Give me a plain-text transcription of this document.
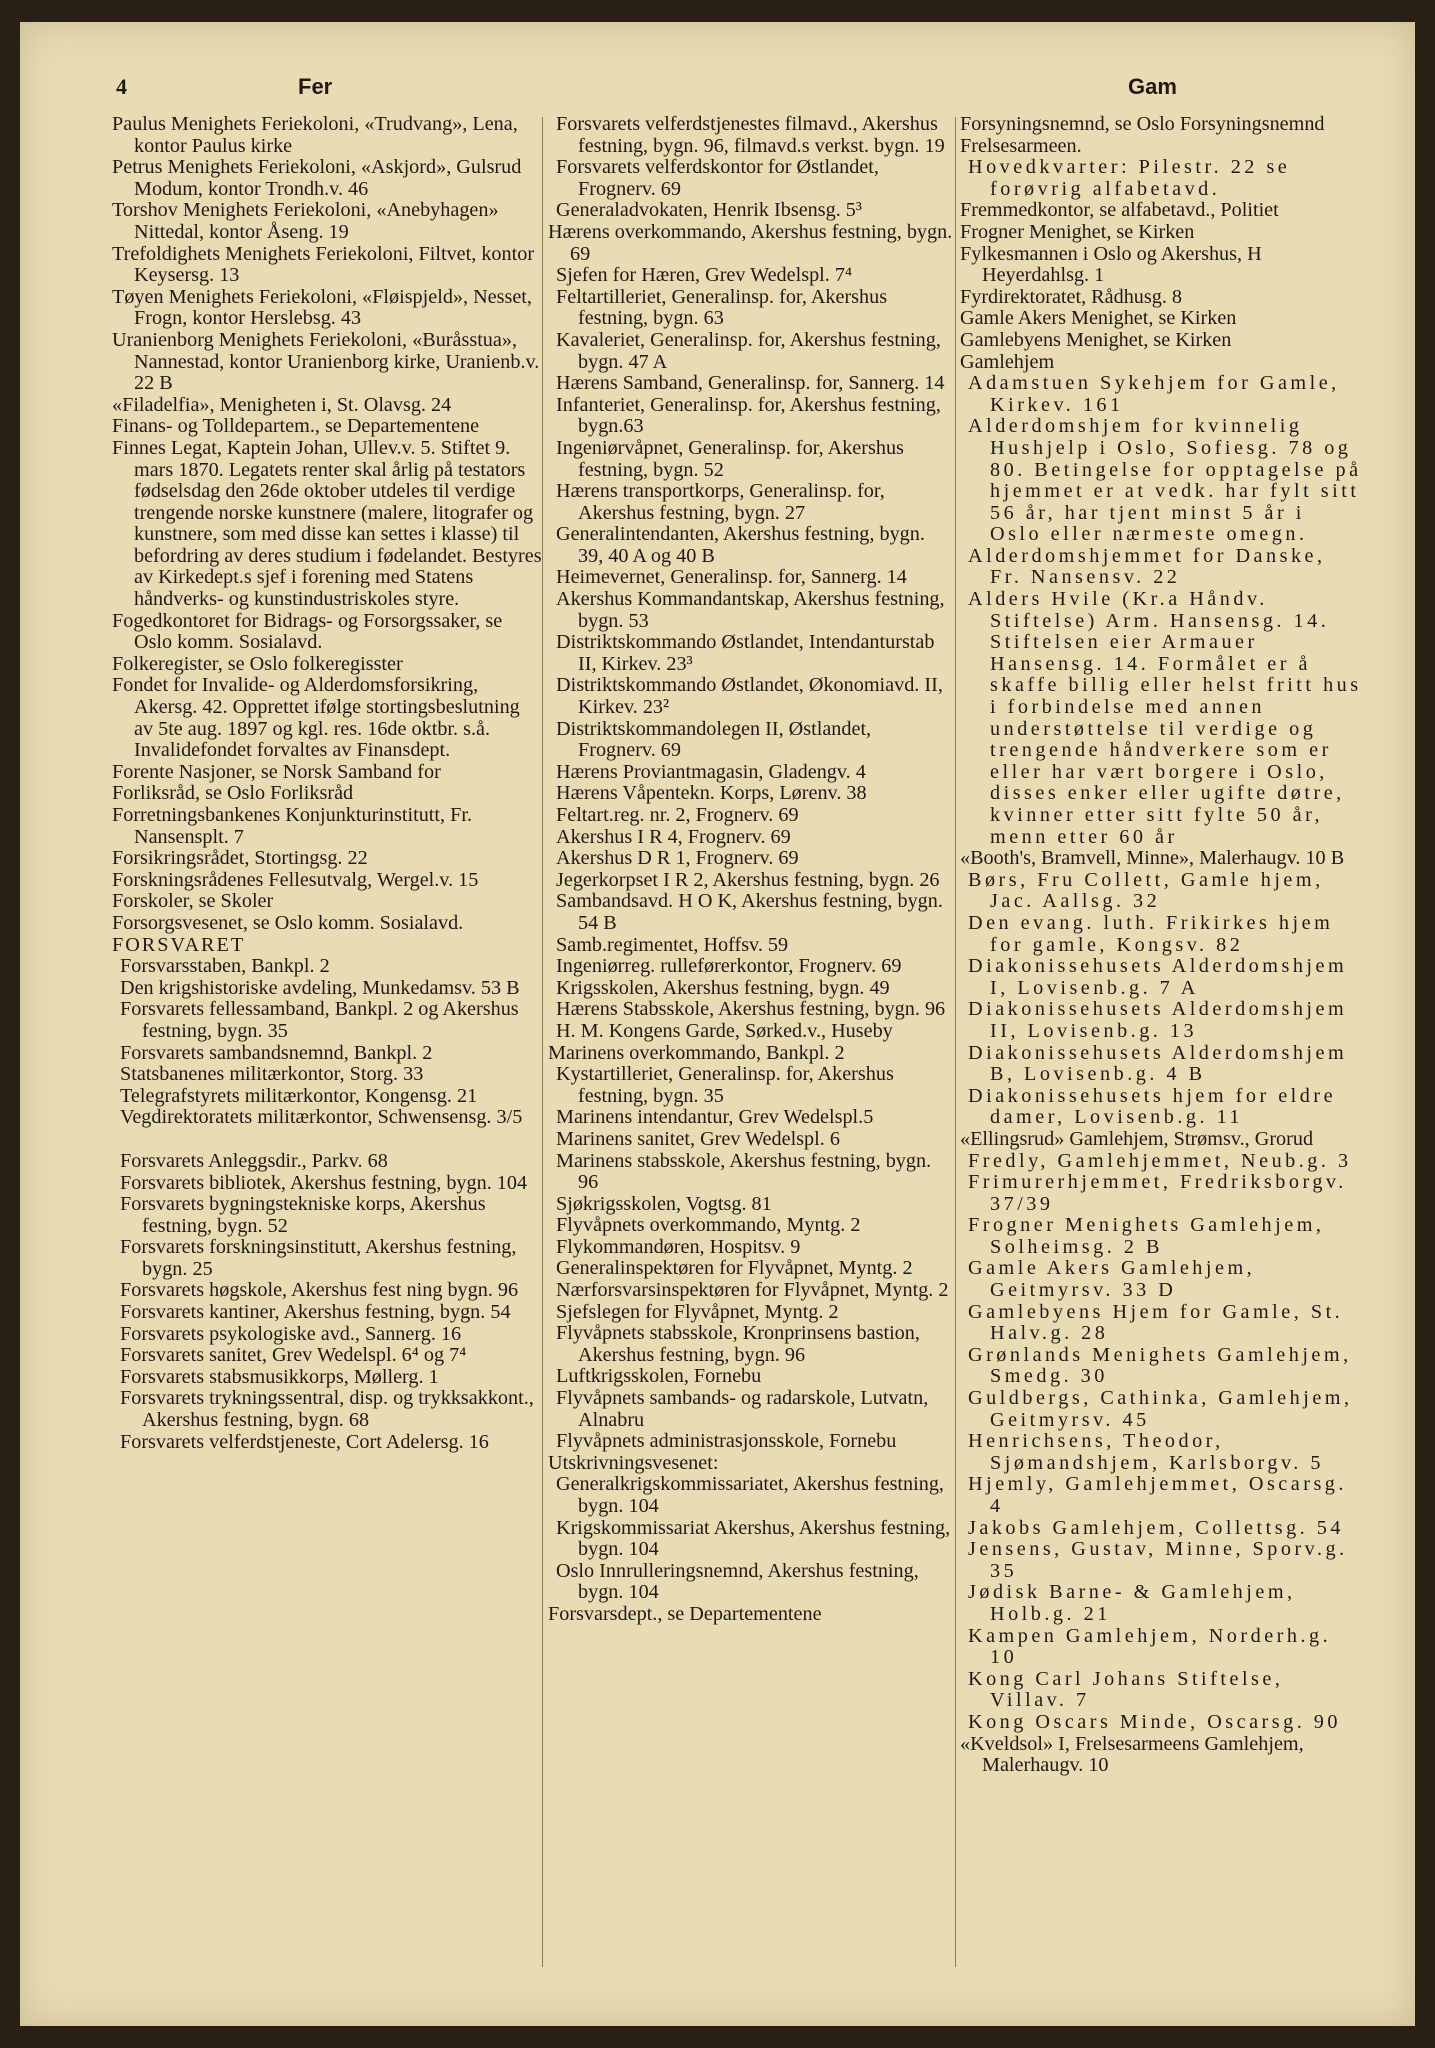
4	Fer	Gam

Paulus Menighets Feriekoloni, «Trudvang», Lena, kontor Paulus kirke

Petrus Menighets Feriekoloni, «Askjord», Gulsrud Modum, kontor Trondh.v. 46

Torshov Menighets Feriekoloni, «Anebyhagen» Nittedal, kontor Åseng. 19

Trefoldighets Menighets Feriekoloni, Filtvet, kontor Keysersg. 13

Tøyen Menighets Feriekoloni, «Fløispjeld», Nesset, Frogn, kontor Herslebsg. 43

Uranienborg Menighets Feriekoloni, «Buråsstua», Nannestad, kontor Uranienborg kirke, Uranienb.v. 22 B

«Filadelfia», Menigheten i, St. Olavsg. 24

Finans- og Tolldepartem., se Departementene

Finnes Legat, Kaptein Johan, Ullev.v. 5. Stiftet 9. mars 1870. Legatets renter skal årlig på testators fødselsdag den 26de oktober utdeles til verdige trengende norske kunstnere (malere, litografer og kunstnere, som med disse kan settes i klasse) til befordring av deres studium i fødelandet. Bestyres av Kirkedept.s sjef i forening med Statens håndverks- og kunstindustriskoles styre.

Fogedkontoret for Bidrags- og Forsorgssaker, se Oslo komm. Sosialavd.

Folkeregister, se Oslo folkeregisster

Fondet for Invalide- og Alderdomsforsikring, Akersg. 42. Opprettet ifølge stortingsbeslutning av 5te aug. 1897 og kgl. res. 16de oktbr. s.å. Invalidefondet forvaltes av Finansdept.

Forente Nasjoner, se Norsk Samband for

Forliksråd, se Oslo Forliksråd

Forretningsbankenes Konjunkturinstitutt, Fr. Nansensplt. 7

Forsikringsrådet, Stortingsg. 22

Forskningsrådenes Fellesutvalg, Wergel.v. 15

Forskoler, se Skoler

Forsorgsvesenet, se Oslo komm. Sosialavd.

FORSVARET

Forsvarsstaben, Bankpl. 2

Den krigshistoriske avdeling, Munkedamsv. 53 B

Forsvarets fellessamband, Bankpl. 2 og Akershus festning, bygn. 35

Forsvarets sambandsnemnd, Bankpl. 2

Statsbanenes militærkontor, Storg. 33

Telegrafstyrets militærkontor, Kongensg. 21

Vegdirektoratets militærkontor, Schwensensg. 3/5

Forsvarets Anleggsdir., Parkv. 68

Forsvarets bibliotek, Akershus festning, bygn. 104

Forsvarets bygningstekniske korps, Akershus festning, bygn. 52

Forsvarets forskningsinstitutt, Akershus festning, bygn. 25

Forsvarets høgskole, Akershus fest ning bygn. 96

Forsvarets kantiner, Akershus festning, bygn. 54

Forsvarets psykologiske avd., Sannerg. 16

Forsvarets sanitet, Grev Wedelspl. 6⁴ og 7⁴

Forsvarets stabsmusikkorps, Møllerg. 1

Forsvarets trykningssentral, disp. og trykksakkont., Akershus festning, bygn. 68

Forsvarets velferdstjeneste, Cort Adelersg. 16

Forsvarets velferdstjenestes filmavd., Akershus festning, bygn. 96, filmavd.s verkst. bygn. 19

Forsvarets velferdskontor for Østlandet, Frognerv. 69

Generaladvokaten, Henrik Ibsensg. 5³

Hærens overkommando, Akershus festning, bygn. 69

Sjefen for Hæren, Grev Wedelspl. 7⁴

Feltartilleriet, Generalinsp. for, Akershus festning, bygn. 63

Kavaleriet, Generalinsp. for, Akershus festning, bygn. 47 A

Hærens Samband, Generalinsp. for, Sannerg. 14

Infanteriet, Generalinsp. for, Akershus festning, bygn.63

Ingeniørvåpnet, Generalinsp. for, Akershus festning, bygn. 52

Hærens transportkorps, Generalinsp. for, Akershus festning, bygn. 27

Generalintendanten, Akershus festning, bygn. 39, 40 A og 40 B

Heimevernet, Generalinsp. for, Sannerg. 14

Akershus Kommandantskap, Akershus festning, bygn. 53

Distriktskommando Østlandet, Intendanturstab II, Kirkev. 23³

Distriktskommando Østlandet, Økonomiavd. II, Kirkev. 23²

Distriktskommandolegen II, Østlandet, Frognerv. 69

Hærens Proviantmagasin, Gladengv. 4

Hærens Våpentekn. Korps, Lørenv. 38

Feltart.reg. nr. 2, Frognerv. 69

Akershus I R 4, Frognerv. 69

Akershus D R 1, Frognerv. 69

Jegerkorpset I R 2, Akershus festning, bygn. 26

Sambandsavd. H O K, Akershus festning, bygn. 54 B

Samb.regimentet, Hoffsv. 59

Ingeniørreg. rulleførerkontor, Frognerv. 69

Krigsskolen, Akershus festning, bygn. 49

Hærens Stabsskole, Akershus festning, bygn. 96

H. M. Kongens Garde, Sørked.v., Huseby

Marinens overkommando, Bankpl. 2

Kystartilleriet, Generalinsp. for, Akershus festning, bygn. 35

Marinens intendantur, Grev Wedelspl.5

Marinens sanitet, Grev Wedelspl. 6

Marinens stabsskole, Akershus festning, bygn. 96

Sjøkrigsskolen, Vogtsg. 81

Flyvåpnets overkommando, Myntg. 2

Flykommandøren, Hospitsv. 9

Generalinspektøren for Flyvåpnet, Myntg. 2

Nærforsvarsinspektøren for Flyvåpnet, Myntg. 2

Sjefslegen for Flyvåpnet, Myntg. 2

Flyvåpnets stabsskole, Kronprinsens bastion, Akershus festning, bygn. 96

Luftkrigsskolen, Fornebu

Flyvåpnets sambands- og radarskole, Lutvatn, Alnabru

Flyvåpnets administrasjonsskole, Fornebu

Utskrivningsvesenet:

Generalkrigskommissariatet, Akershus festning, bygn. 104

Krigskommissariat Akershus, Akershus festning, bygn. 104

Oslo Innrulleringsnemnd, Akershus festning, bygn. 104

Forsvarsdept., se Departementene

Forsyningsnemnd, se Oslo Forsyningsnemnd

Frelsesarmeen.

Hovedkvarter: Pilestr. 22 se forøvrig alfabetavd.

Fremmedkontor, se alfabetavd., Politiet

Frogner Menighet, se Kirken

Fylkesmannen i Oslo og Akershus, H Heyerdahlsg. 1

Fyrdirektoratet, Rådhusg. 8

Gamle Akers Menighet, se Kirken

Gamlebyens Menighet, se Kirken

Gamlehjem

Adamstuen Sykehjem for Gamle, Kirkev. 161

Alderdomshjem for kvinnelig Hushjelp i Oslo, Sofiesg. 78 og 80. Betingelse for opptagelse på hjemmet er at vedk. har fylt sitt 56 år, har tjent minst 5 år i Oslo eller nærmeste omegn.

Alderdomshjemmet for Danske, Fr. Nansensv. 22

Alders Hvile (Kr.a Håndv. Stiftelse) Arm. Hansensg. 14. Stiftelsen eier Armauer Hansensg. 14. Formålet er å skaffe billig eller helst fritt hus i forbindelse med annen understøttelse til verdige og trengende håndverkere som er eller har vært borgere i Oslo, disses enker eller ugifte døtre, kvinner etter sitt fylte 50 år, menn etter 60 år

«Booth's, Bramvell, Minne», Malerhaugv. 10 B

Børs, Fru Collett, Gamle hjem, Jac. Aallsg. 32

Den evang. luth. Frikirkes hjem for gamle, Kongsv. 82

Diakonissehusets Alderdomshjem I, Lovisenb.g. 7 A

Diakonissehusets Alderdomshjem II, Lovisenb.g. 13

Diakonissehusets Alderdomshjem B, Lovisenb.g. 4 B

Diakonissehusets hjem for eldre damer, Lovisenb.g. 11

«Ellingsrud» Gamlehjem, Strømsv., Grorud

Fredly, Gamlehjemmet, Neub.g. 3

Frimurerhjemmet, Fredriksborgv. 37/39

Frogner Menighets Gamlehjem, Solheimsg. 2 B

Gamle Akers Gamlehjem, Geitmyrsv. 33 D

Gamlebyens Hjem for Gamle, St. Halv.g. 28

Grønlands Menighets Gamlehjem, Smedg. 30

Guldbergs, Cathinka, Gamlehjem, Geitmyrsv. 45

Henrichsens, Theodor, Sjømandshjem, Karlsborgv. 5

Hjemly, Gamlehjemmet, Oscarsg. 4

Jakobs Gamlehjem, Collettsg. 54

Jensens, Gustav, Minne, Sporv.g. 35

Jødisk Barne- & Gamlehjem, Holb.g. 21

Kampen Gamlehjem, Norderh.g. 10

Kong Carl Johans Stiftelse, Villav. 7

Kong Oscars Minde, Oscarsg. 90

«Kveldsol» I, Frelsesarmeens Gamlehjem, Malerhaugv. 10
